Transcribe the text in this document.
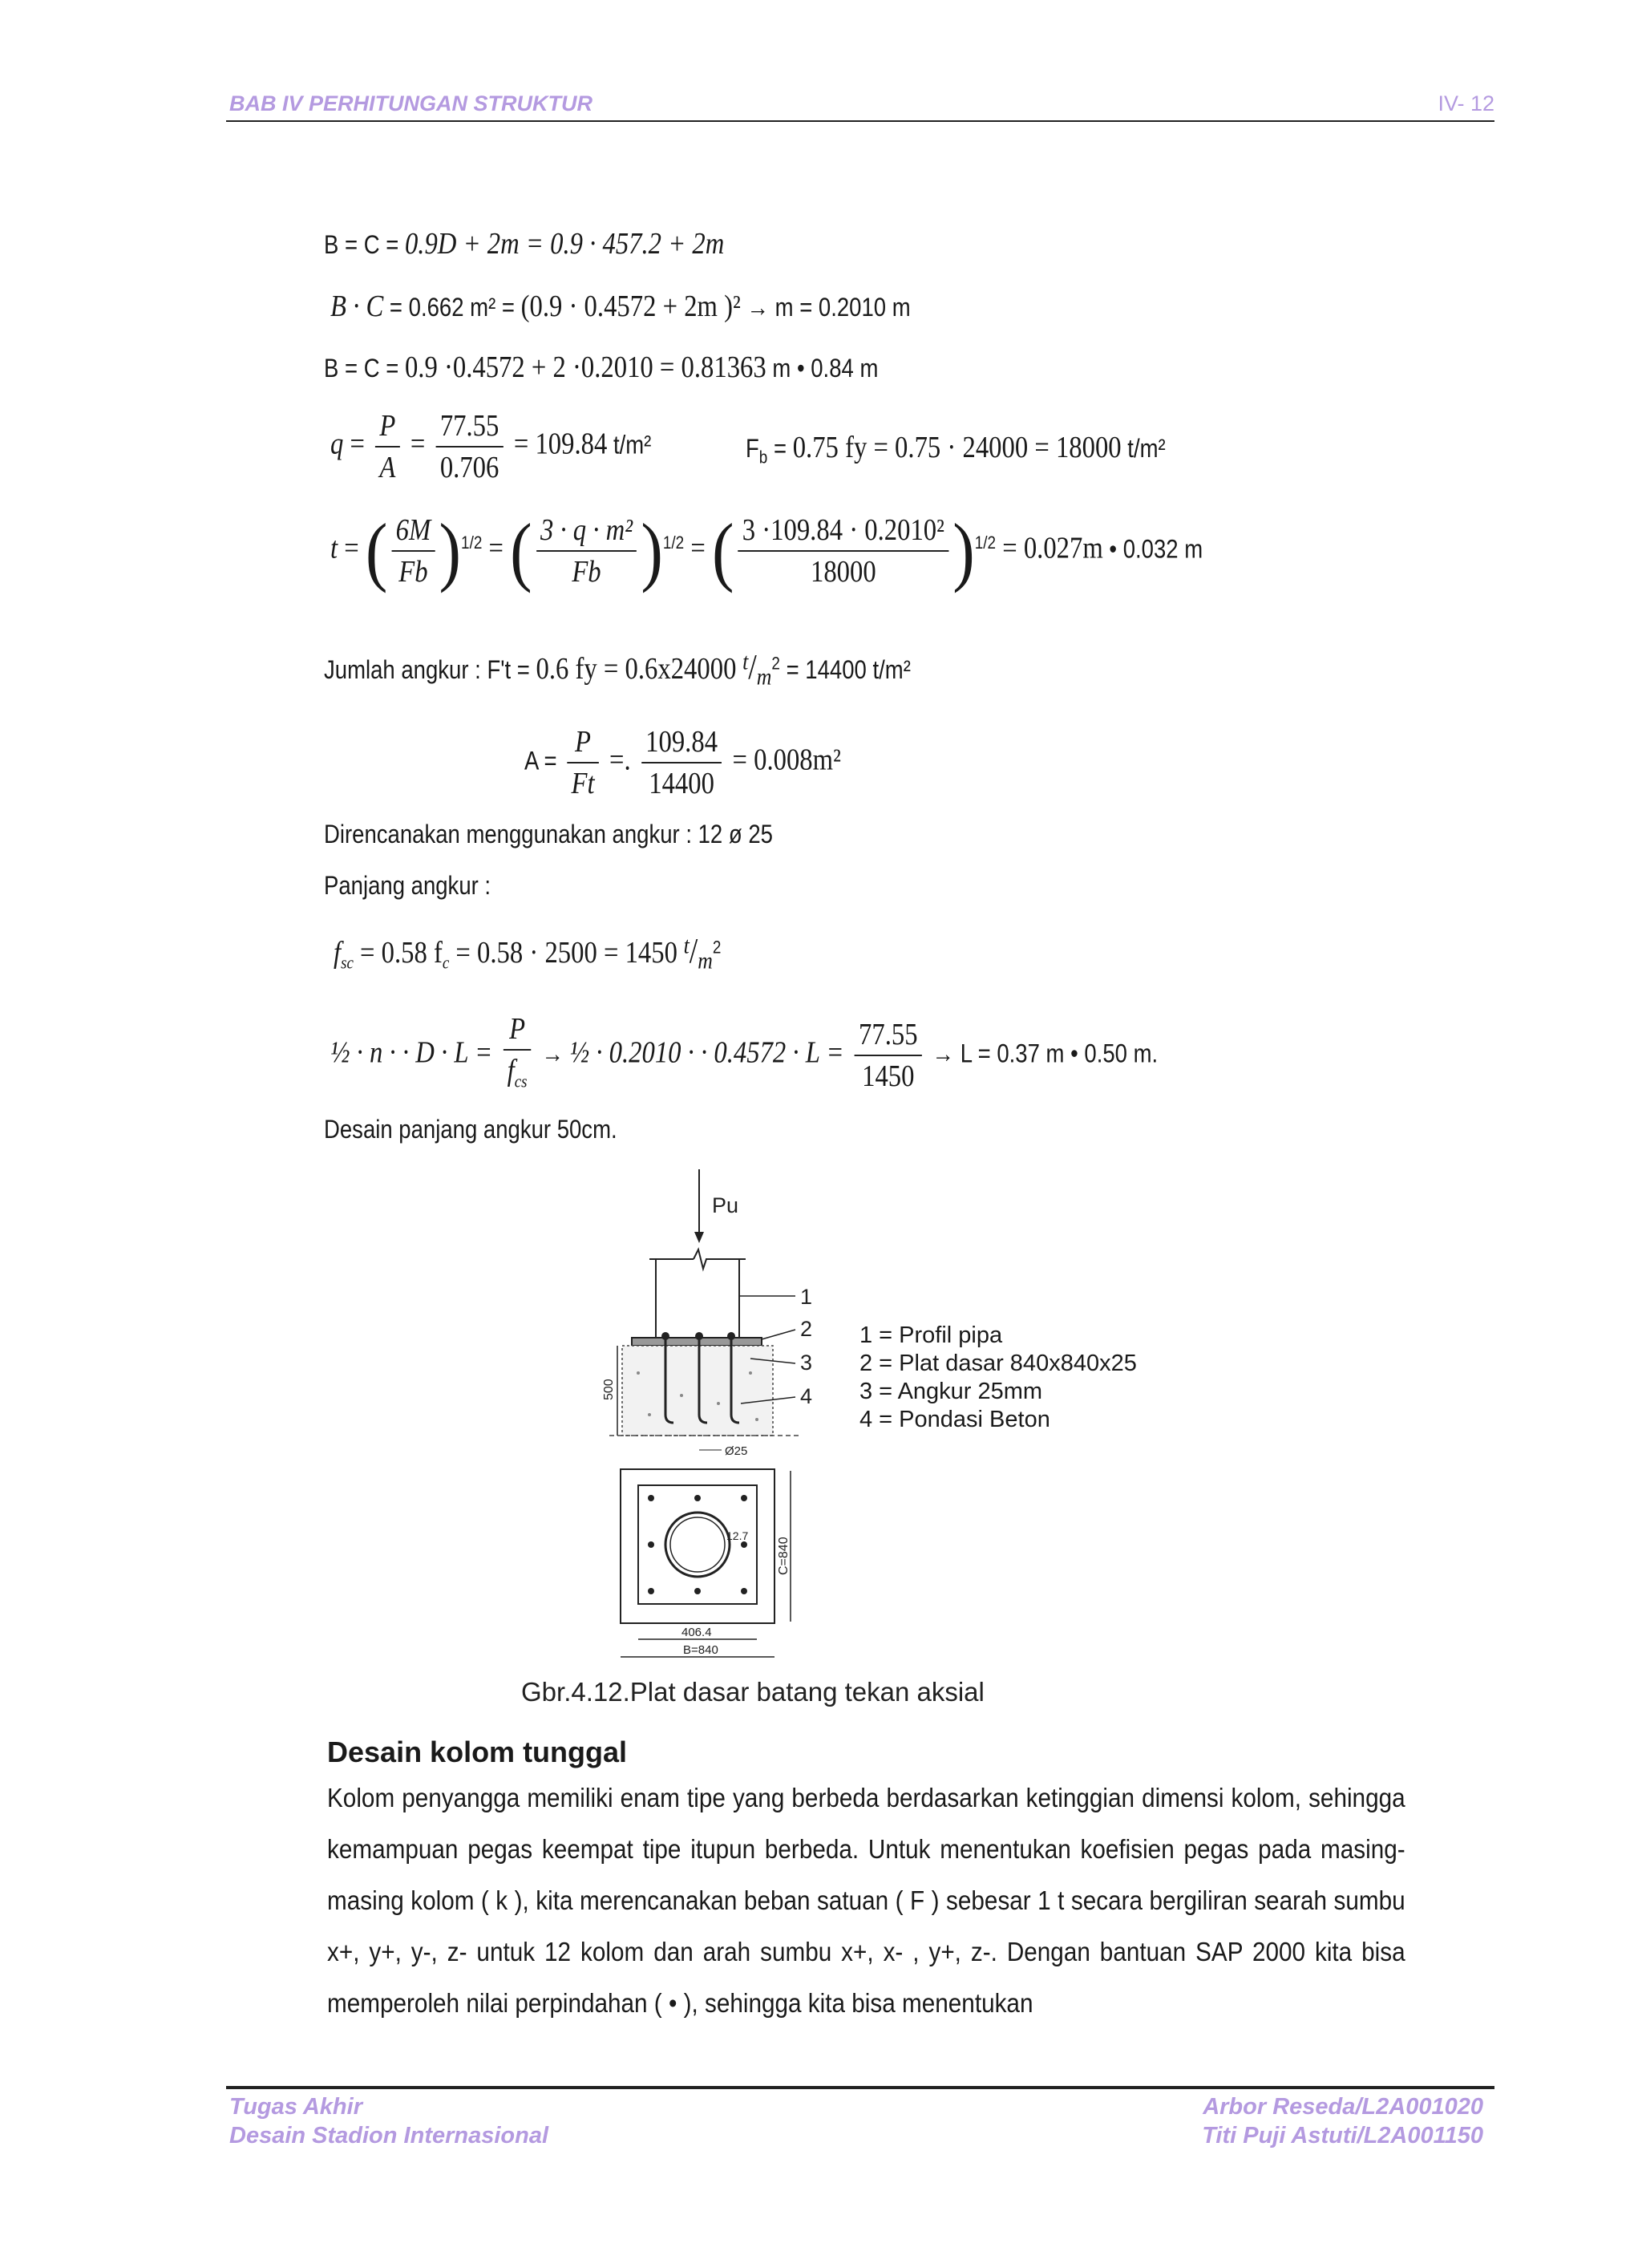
BAB IV PERHITUNGAN STRUKTUR	IV- 12
B = C = 0.9D + 2m = 0.9 · 457.2 + 2m
B · C = 0.662 m² = (0.9 · 0.4572 + 2m )² → m = 0.2010 m
B = C = 0.9 ·0.4572 + 2 ·0.2010 = 0.81363 m • 0.84 m
$q = \frac{P}{A} = \frac{77.55}{0.706} = 109.84$ t/m²	$F_b = 0.75$ fy = 0.75 · 24000 = 18000 t/m²
t = ( $\frac{6M}{Fb} )^{1/2}$ = ( $\frac{\text{3 · q · m²}}{Fb} )^{1/2}$ = ( $\frac{\text{3 ·109.84 · 0.2010²}}{18000} )^{1/2} = 0.027m$ • 0.032 m
Jumlah angkur : F't = 0.6 fy = 0.6x24000 $t/m^2 = 14400$ t/m²
$A = \frac{P}{Ft}$ =. $\frac{109.84}{14400} = 0.008m^2$
Direncanakan menggunakan angkur : 12 ø 25
Panjang angkur :
$f_{sc} = 0.58$ $f_c = 0.58 \cdot 2500 = 1450$ $t/m^2$
½ · n · · $D \cdot L = \frac{P}{f_{cs}}$ → ½ · 0.2010 · · $0.4572 \cdot L = \frac{77.55}{1450} \to L = 0.37$ m • 0.50 m.
Desain panjang angkur 50cm.
Pu
500
1
2
3
4
Ø25
12.7
C=840
406.4
B=840
1 = Profil pipa
2 = Plat dasar 840x840x25
3 = Angkur 25mm
4 = Pondasi Beton
Gbr.4.12.Plat dasar batang tekan aksial
Desain kolom tunggal
Kolom penyangga memiliki enam tipe yang berbeda berdasarkan ketinggian dimensi kolom, sehingga kemampuan pegas keempat tipe itupun berbeda. Untuk menentukan koefisien pegas pada masing-masing kolom ( k ), kita merencanakan beban satuan ( F ) sebesar 1 t secara bergiliran searah sumbu x+, y+, y-, z- untuk 12 kolom dan arah sumbu x+, x- , y+, z-. Dengan bantuan SAP 2000 kita bisa memperoleh nilai perpindahan ( • ), sehingga kita bisa menentukan
Tugas Akhir
Desain Stadion Internasional
Arbor Reseda/L2A001020
Titi Puji Astuti/L2A001150
